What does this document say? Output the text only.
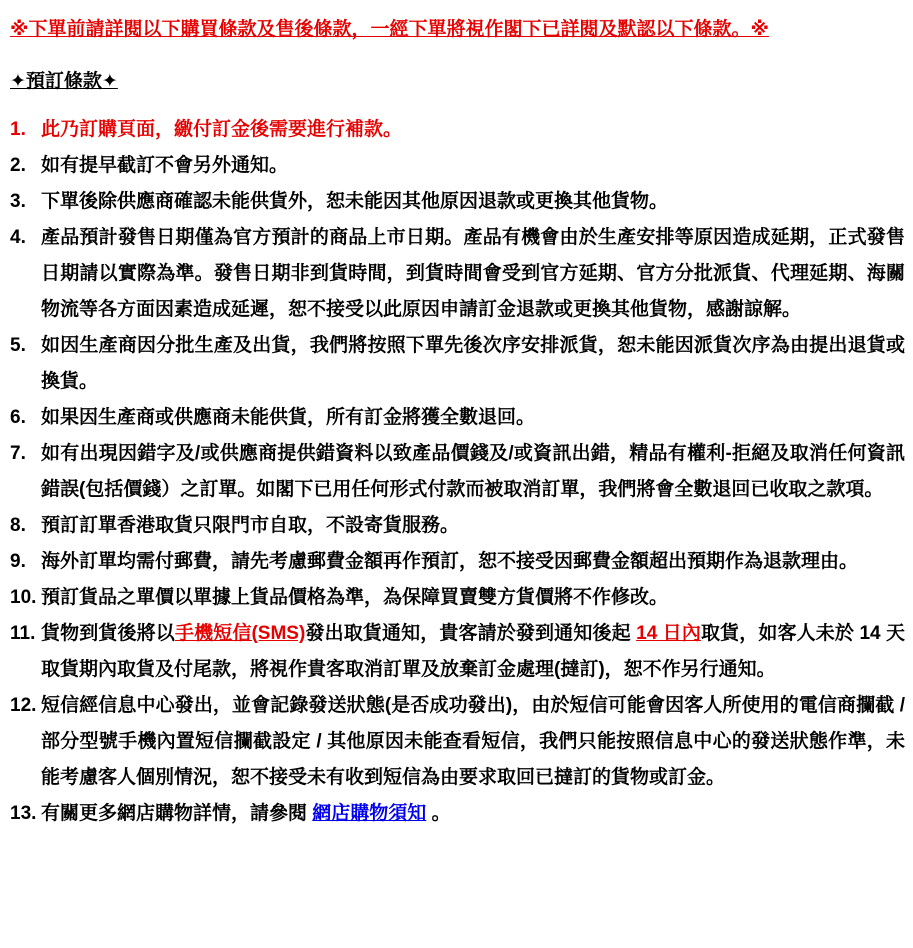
※下單前請詳閱以下購買條款及售後條款，一經下單將視作閣下已詳閱及默認以下條款。※

✦預訂條款✦

1. 此乃訂購頁面，繳付訂金後需要進行補款。
2. 如有提早截訂不會另外通知。
3. 下單後除供應商確認未能供貨外，恕未能因其他原因退款或更換其他貨物。
4. 產品預計發售日期僅為官方預計的商品上市日期。產品有機會由於生產安排等原因造成延期，正式發售日期請以實際為準。發售日期非到貨時間，到貨時間會受到官方延期、官方分批派貨、代理延期、海關物流等各方面因素造成延遲，恕不接受以此原因申請訂金退款或更換其他貨物，感謝諒解。
5. 如因生產商因分批生產及出貨，我們將按照下單先後次序安排派貨，恕未能因派貨次序為由提出退貨或換貨。
6. 如果因生產商或供應商未能供貨，所有訂金將獲全數退回。
7. 如有出現因錯字及/或供應商提供錯資料以致產品價錢及/或資訊出錯，精品有權利-拒絕及取消任何資訊錯誤(包括價錢）之訂單。如閣下已用任何形式付款而被取消訂單，我們將會全數退回已收取之款項。
8. 預訂訂單香港取貨只限門市自取，不設寄貨服務。
9. 海外訂單均需付郵費，請先考慮郵費金額再作預訂，恕不接受因郵費金額超出預期作為退款理由。
10. 預訂貨品之單價以單據上貨品價格為準，為保障買賣雙方貨價將不作修改。
11. 貨物到貨後將以手機短信(SMS)發出取貨通知，貴客請於發到通知後起 14 日內取貨，如客人未於 14 天取貨期內取貨及付尾款，將視作貴客取消訂單及放棄訂金處理(撻訂)，恕不作另行通知。
12. 短信經信息中心發出，並會記錄發送狀態(是否成功發出)，由於短信可能會因客人所使用的電信商攔截 / 部分型號手機內置短信攔截設定 / 其他原因未能查看短信，我們只能按照信息中心的發送狀態作準，未能考慮客人個別情況，恕不接受未有收到短信為由要求取回已撻訂的貨物或訂金。
13. 有關更多網店購物詳情，請參閱 網店購物須知 。
